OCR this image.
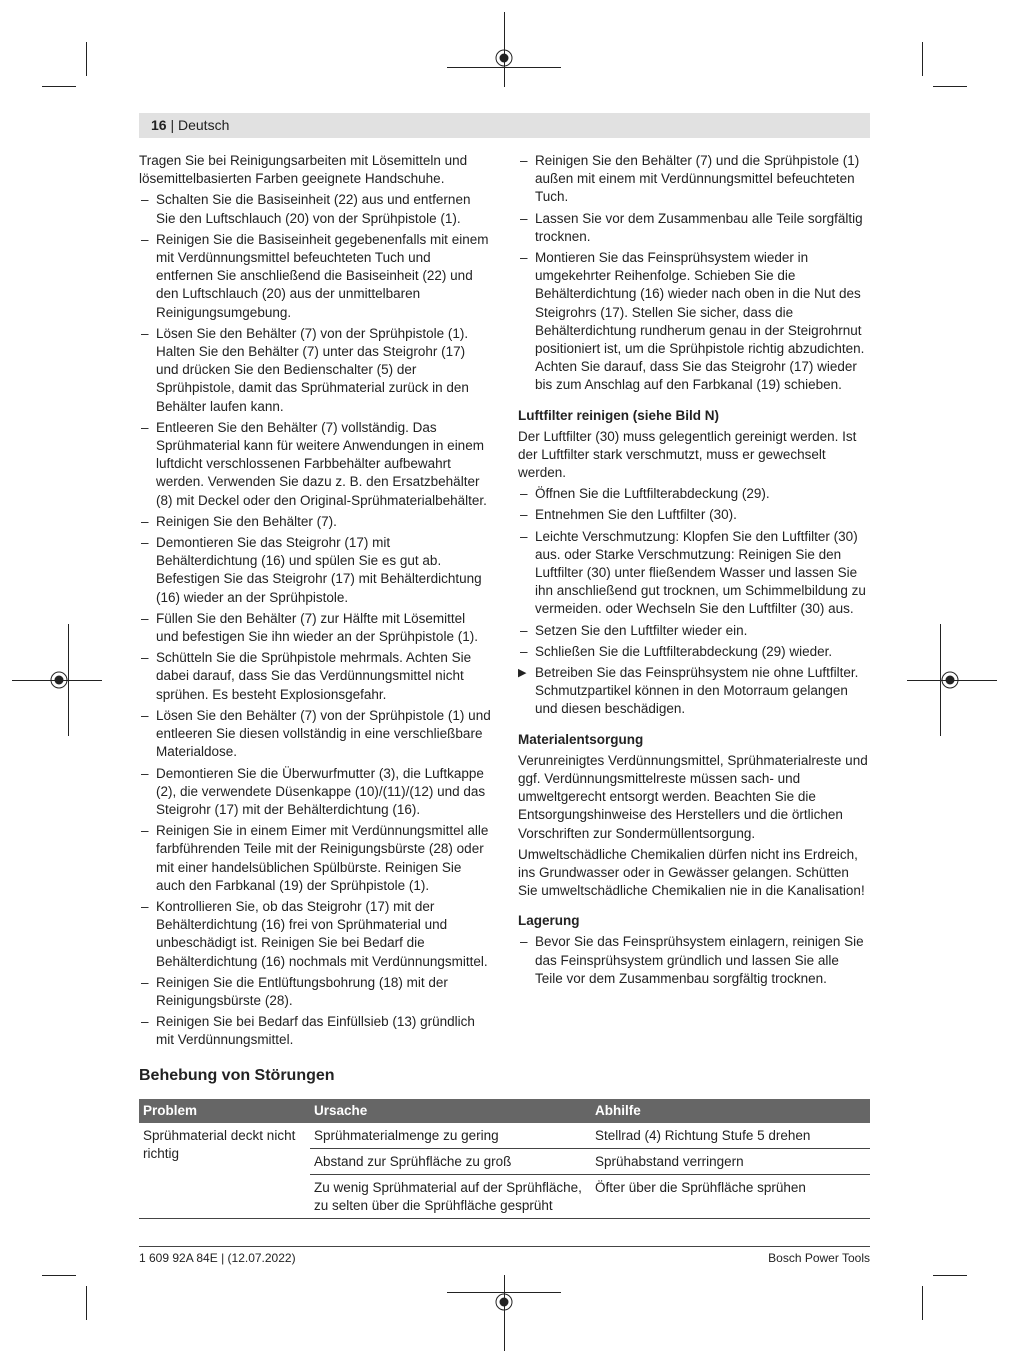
16 | Deutsch

Tragen Sie bei Reinigungsarbeiten mit Lösemitteln und lösemittelbasierten Farben geeignete Handschuhe.

– Schalten Sie die Basiseinheit (22) aus und entfernen Sie den Luftschlauch (20) von der Sprühpistole (1).
– Reinigen Sie die Basiseinheit gegebenenfalls mit einem mit Verdünnungsmittel befeuchteten Tuch und entfernen Sie anschließend die Basiseinheit (22) und den Luftschlauch (20) aus der unmittelbaren Reinigungsumgebung.
– Lösen Sie den Behälter (7) von der Sprühpistole (1). Halten Sie den Behälter (7) unter das Steigrohr (17) und drücken Sie den Bedienschalter (5) der Sprühpistole, damit das Sprühmaterial zurück in den Behälter laufen kann.
– Entleeren Sie den Behälter (7) vollständig. Das Sprühmaterial kann für weitere Anwendungen in einem luftdicht verschlossenen Farbbehälter aufbewahrt werden. Verwenden Sie dazu z. B. den Ersatzbehälter (8) mit Deckel oder den Original-Sprühmaterialbehälter.
– Reinigen Sie den Behälter (7).
– Demontieren Sie das Steigrohr (17) mit Behälterdichtung (16) und spülen Sie es gut ab. Befestigen Sie das Steigrohr (17) mit Behälterdichtung (16) wieder an der Sprühpistole.
– Füllen Sie den Behälter (7) zur Hälfte mit Lösemittel und befestigen Sie ihn wieder an der Sprühpistole (1).
– Schütteln Sie die Sprühpistole mehrmals. Achten Sie dabei darauf, dass Sie das Verdünnungsmittel nicht sprühen. Es besteht Explosionsgefahr.
– Lösen Sie den Behälter (7) von der Sprühpistole (1) und entleeren Sie diesen vollständig in eine verschließbare Materialdose.
– Demontieren Sie die Überwurfmutter (3), die Luftkappe (2), die verwendete Düsenkappe (10)/(11)/(12) und das Steigrohr (17) mit der Behälterdichtung (16).
– Reinigen Sie in einem Eimer mit Verdünnungsmittel alle farbführenden Teile mit der Reinigungsbürste (28) oder mit einer handelsüblichen Spülbürste. Reinigen Sie auch den Farbkanal (19) der Sprühpistole (1).
– Kontrollieren Sie, ob das Steigrohr (17) mit der Behälterdichtung (16) frei von Sprühmaterial und unbeschädigt ist. Reinigen Sie bei Bedarf die Behälterdichtung (16) nochmals mit Verdünnungsmittel.
– Reinigen Sie die Entlüftungsbohrung (18) mit der Reinigungsbürste (28).
– Reinigen Sie bei Bedarf das Einfüllsieb (13) gründlich mit Verdünnungsmittel.
– Reinigen Sie den Behälter (7) und die Sprühpistole (1) außen mit einem mit Verdünnungsmittel befeuchteten Tuch.
– Lassen Sie vor dem Zusammenbau alle Teile sorgfältig trocknen.
– Montieren Sie das Feinsprühsystem wieder in umgekehrter Reihenfolge. Schieben Sie die Behälterdichtung (16) wieder nach oben in die Nut des Steigrohrs (17). Stellen Sie sicher, dass die Behälterdichtung rundherum genau in der Steigrohrnut positioniert ist, um die Sprühpistole richtig abzudichten. Achten Sie darauf, dass Sie das Steigrohr (17) wieder bis zum Anschlag auf den Farbkanal (19) schieben.
Luftfilter reinigen (siehe Bild N)

Der Luftfilter (30) muss gelegentlich gereinigt werden. Ist der Luftfilter stark verschmutzt, muss er gewechselt werden.

– Öffnen Sie die Luftfilterabdeckung (29).
– Entnehmen Sie den Luftfilter (30).
– Leichte Verschmutzung: Klopfen Sie den Luftfilter (30) aus. oder Starke Verschmutzung: Reinigen Sie den Luftfilter (30) unter fließendem Wasser und lassen Sie ihn anschließend gut trocknen, um Schimmelbildung zu vermeiden. oder Wechseln Sie den Luftfilter (30) aus.
– Setzen Sie den Luftfilter wieder ein.
– Schließen Sie die Luftfilterabdeckung (29) wieder.
▶ Betreiben Sie das Feinsprühsystem nie ohne Luftfilter. Schmutzpartikel können in den Motorraum gelangen und diesen beschädigen.
Materialentsorgung

Verunreinigtes Verdünnungsmittel, Sprühmaterialreste und ggf. Verdünnungsmittelreste müssen sach- und umweltgerecht entsorgt werden. Beachten Sie die Entsorgungshinweise des Herstellers und die örtlichen Vorschriften zur Sondermüllentsorgung.

Umweltschädliche Chemikalien dürfen nicht ins Erdreich, ins Grundwasser oder in Gewässer gelangen. Schütten Sie umweltschädliche Chemikalien nie in die Kanalisation!

Lagerung
– Bevor Sie das Feinsprühsystem einlagern, reinigen Sie das Feinsprühsystem gründlich und lassen Sie alle Teile vor dem Zusammenbau sorgfältig trocknen.
Behebung von Störungen
Problem	Ursache	Abhilfe
Sprühmaterial deckt nicht richtig	Sprühmaterialmenge zu gering	Stellrad (4) Richtung Stufe 5 drehen
	Abstand zur Sprühfläche zu groß	Sprühabstand verringern
	Zu wenig Sprühmaterial auf der Sprühfläche, zu selten über die Sprühfläche gesprüht	Öfter über die Sprühfläche sprühen
1 609 92A 84E | (12.07.2022)	Bosch Power Tools
